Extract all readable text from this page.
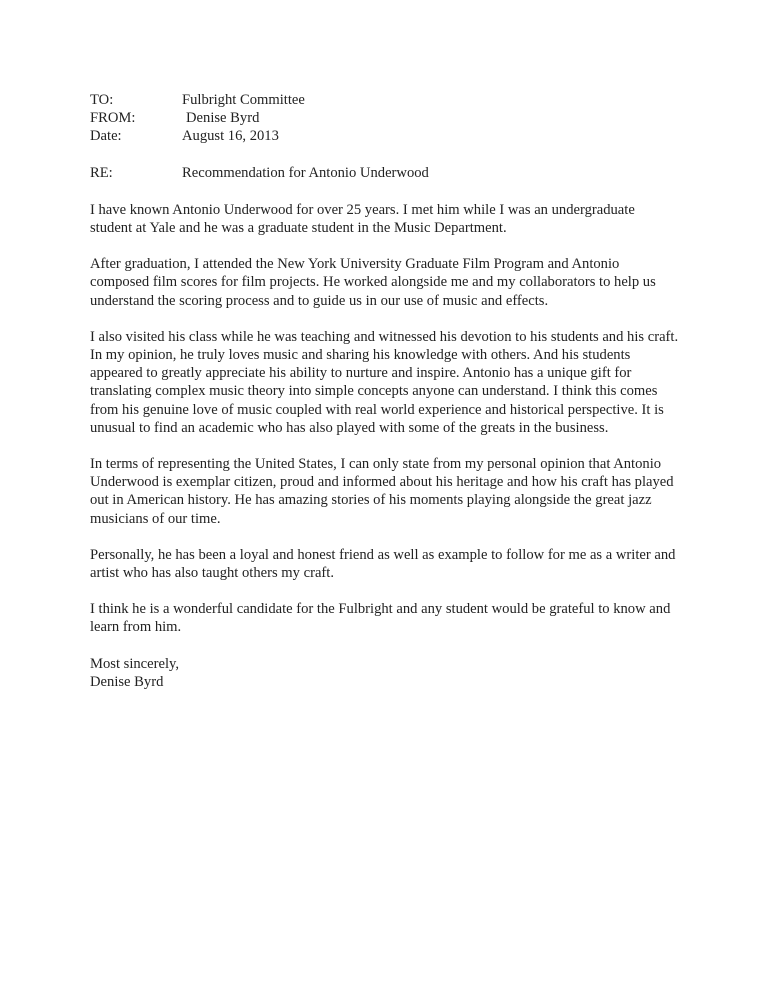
TO:	Fulbright Committee
FROM:	Denise Byrd
Date:	August 16, 2013
RE:	Recommendation for Antonio Underwood

I have known Antonio Underwood for over 25 years. I met him while I was an undergraduate student at Yale and he was a graduate student in the Music Department.

After graduation, I attended the New York University Graduate Film Program and Antonio composed film scores for film projects. He worked alongside me and my collaborators to help us understand the scoring process and to guide us in our use of music and effects.

I also visited his class while he was teaching and witnessed his devotion to his students and his craft. In my opinion, he truly loves music and sharing his knowledge with others. And his students appeared to greatly appreciate his ability to nurture and inspire. Antonio has a unique gift for translating complex music theory into simple concepts anyone can understand. I think this comes from his genuine love of music coupled with real world experience and historical perspective. It is unusual to find an academic who has also played with some of the greats in the business.

In terms of representing the United States, I can only state from my personal opinion that Antonio Underwood is exemplar citizen, proud and informed about his heritage and how his craft has played out in American history. He has amazing stories of his moments playing alongside the great jazz musicians of our time.

Personally, he has been a loyal and honest friend as well as example to follow for me as a writer and artist who has also taught others my craft.

I think he is a wonderful candidate for the Fulbright and any student would be grateful to know and learn from him.

Most sincerely,
Denise Byrd
